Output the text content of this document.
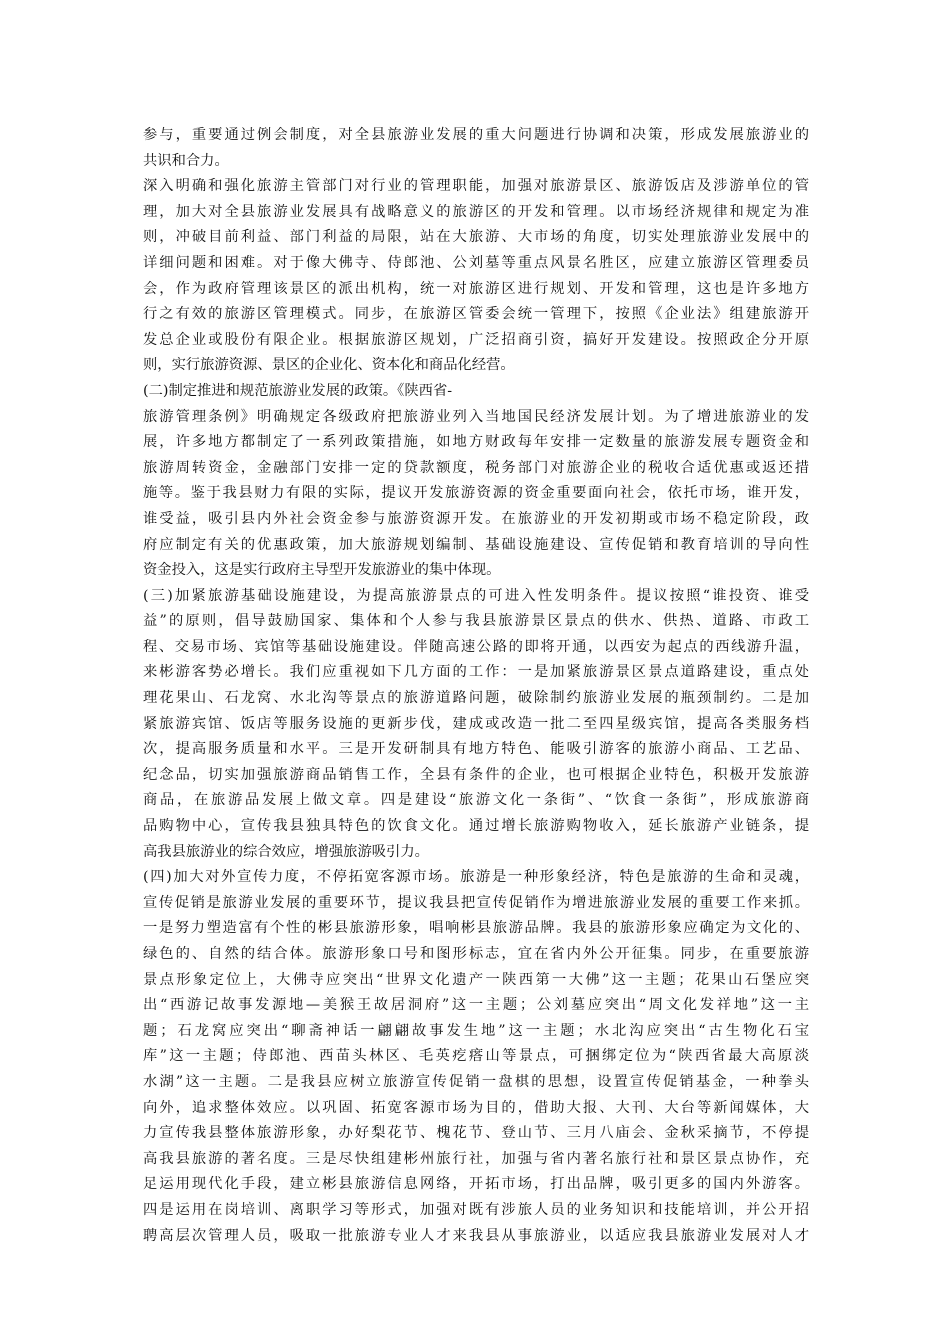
参与，重要通过例会制度，对全县旅游业发展的重大问题进行协调和决策，形成发展旅游业的
共识和合力。
深入明确和强化旅游主管部门对行业的管理职能，加强对旅游景区、旅游饭店及涉游单位的管
理，加大对全县旅游业发展具有战略意义的旅游区的开发和管理。以市场经济规律和规定为准
则，冲破目前利益、部门利益的局限，站在大旅游、大市场的角度，切实处理旅游业发展中的
详细问题和困难。对于像大佛寺、侍郎池、公刘墓等重点风景名胜区，应建立旅游区管理委员
会，作为政府管理该景区的派出机构，统一对旅游区进行规划、开发和管理，这也是许多地方
行之有效的旅游区管理模式。同步，在旅游区管委会统一管理下，按照《企业法》组建旅游开
发总企业或股份有限企业。根据旅游区规划，广泛招商引资，搞好开发建设。按照政企分开原
则，实行旅游资源、景区的企业化、资本化和商品化经营。
(二)制定推进和规范旅游业发展的政策。《陕西省-
旅游管理条例》明确规定各级政府把旅游业列入当地国民经济发展计划。为了增进旅游业的发
展，许多地方都制定了一系列政策措施，如地方财政每年安排一定数量的旅游发展专题资金和
旅游周转资金，金融部门安排一定的贷款额度，税务部门对旅游企业的税收合适优惠或返还措
施等。鉴于我县财力有限的实际，提议开发旅游资源的资金重要面向社会，依托市场，谁开发，
谁受益，吸引县内外社会资金参与旅游资源开发。在旅游业的开发初期或市场不稳定阶段，政
府应制定有关的优惠政策，加大旅游规划编制、基础设施建设、宣传促销和教育培训的导向性
资金投入，这是实行政府主导型开发旅游业的集中体现。
(三)加紧旅游基础设施建设，为提高旅游景点的可进入性发明条件。提议按照“谁投资、谁受
益”的原则，倡导鼓励国家、集体和个人参与我县旅游景区景点的供水、供热、道路、市政工
程、交易市场、宾馆等基础设施建设。伴随高速公路的即将开通，以西安为起点的西线游升温，
来彬游客势必增长。我们应重视如下几方面的工作：一是加紧旅游景区景点道路建设，重点处
理花果山、石龙窝、水北沟等景点的旅游道路问题，破除制约旅游业发展的瓶颈制约。二是加
紧旅游宾馆、饭店等服务设施的更新步伐，建成或改造一批二至四星级宾馆，提高各类服务档
次，提高服务质量和水平。三是开发研制具有地方特色、能吸引游客的旅游小商品、工艺品、
纪念品，切实加强旅游商品销售工作，全县有条件的企业，也可根据企业特色，积极开发旅游
商品，在旅游品发展上做文章。四是建设“旅游文化一条街”、“饮食一条街”，形成旅游商
品购物中心，宣传我县独具特色的饮食文化。通过增长旅游购物收入，延长旅游产业链条，提
高我县旅游业的综合效应，增强旅游吸引力。
(四)加大对外宣传力度，不停拓宽客源市场。旅游是一种形象经济，特色是旅游的生命和灵魂，
宣传促销是旅游业发展的重要环节，提议我县把宣传促销作为增进旅游业发展的重要工作来抓。
一是努力塑造富有个性的彬县旅游形象，唱响彬县旅游品牌。我县的旅游形象应确定为文化的、
绿色的、自然的结合体。旅游形象口号和图形标志，宜在省内外公开征集。同步，在重要旅游
景点形象定位上，大佛寺应突出“世界文化遗产一陕西第一大佛”这一主题；花果山石堡应突
出“西游记故事发源地—美猴王故居洞府”这一主题；公刘墓应突出“周文化发祥地”这一主
题；石龙窝应突出“聊斋神话一翩翩故事发生地”这一主题；水北沟应突出“古生物化石宝
库”这一主题；侍郎池、西苗头林区、毛英疙瘩山等景点，可捆绑定位为“陕西省最大高原淡
水湖”这一主题。二是我县应树立旅游宣传促销一盘棋的思想，设置宣传促销基金，一种拳头
向外，追求整体效应。以巩固、拓宽客源市场为目的，借助大报、大刊、大台等新闻媒体，大
力宣传我县整体旅游形象，办好梨花节、槐花节、登山节、三月八庙会、金秋采摘节，不停提
高我县旅游的著名度。三是尽快组建彬州旅行社，加强与省内著名旅行社和景区景点协作，充
足运用现代化手段，建立彬县旅游信息网络，开拓市场，打出品牌，吸引更多的国内外游客。
四是运用在岗培训、离职学习等形式，加强对既有涉旅人员的业务知识和技能培训，并公开招
聘高层次管理人员，吸取一批旅游专业人才来我县从事旅游业，以适应我县旅游业发展对人才
